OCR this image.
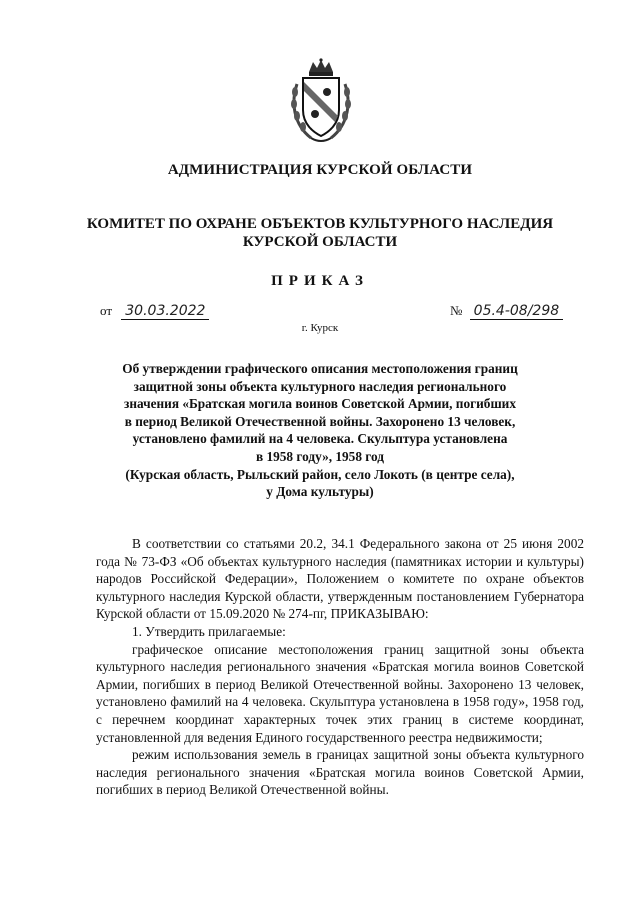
АДМИНИСТРАЦИЯ КУРСКОЙ ОБЛАСТИ
КОМИТЕТ ПО ОХРАНЕ ОБЪЕКТОВ КУЛЬТУРНОГО НАСЛЕДИЯ
КУРСКОЙ ОБЛАСТИ
ПРИКАЗ
от 30.03.2022	№ 05.4-08/298
г. Курск
Об утверждении графического описания местоположения границ
защитной зоны объекта культурного наследия регионального
значения «Братская могила воинов Советской Армии, погибших
в период Великой Отечественной войны. Захоронено 13 человек,
установлено фамилий на 4 человека. Скульптура установлена
в 1958 году», 1958 год
(Курская область, Рыльский район, село Локоть (в центре села),
у Дома культуры)

В соответствии со статьями 20.2, 34.1 Федерального закона от 25 июня 2002 года № 73-ФЗ «Об объектах культурного наследия (памятниках истории и культуры) народов Российской Федерации», Положением о комитете по охране объектов культурного наследия Курской области, утвержденным постановлением Губернатора Курской области от 15.09.2020 № 274-пг, ПРИКАЗЫВАЮ:

1. Утвердить прилагаемые:

графическое описание местоположения границ защитной зоны объекта культурного наследия регионального значения «Братская могила воинов Советской Армии, погибших в период Великой Отечественной войны. Захоронено 13 человек, установлено фамилий на 4 человека. Скульптура установлена в 1958 году», 1958 год, с перечнем координат характерных точек этих границ в системе координат, установленной для ведения Единого государственного реестра недвижимости;

режим использования земель в границах защитной зоны объекта культурного наследия регионального значения «Братская могила воинов Советской Армии, погибших в период Великой Отечественной войны.
